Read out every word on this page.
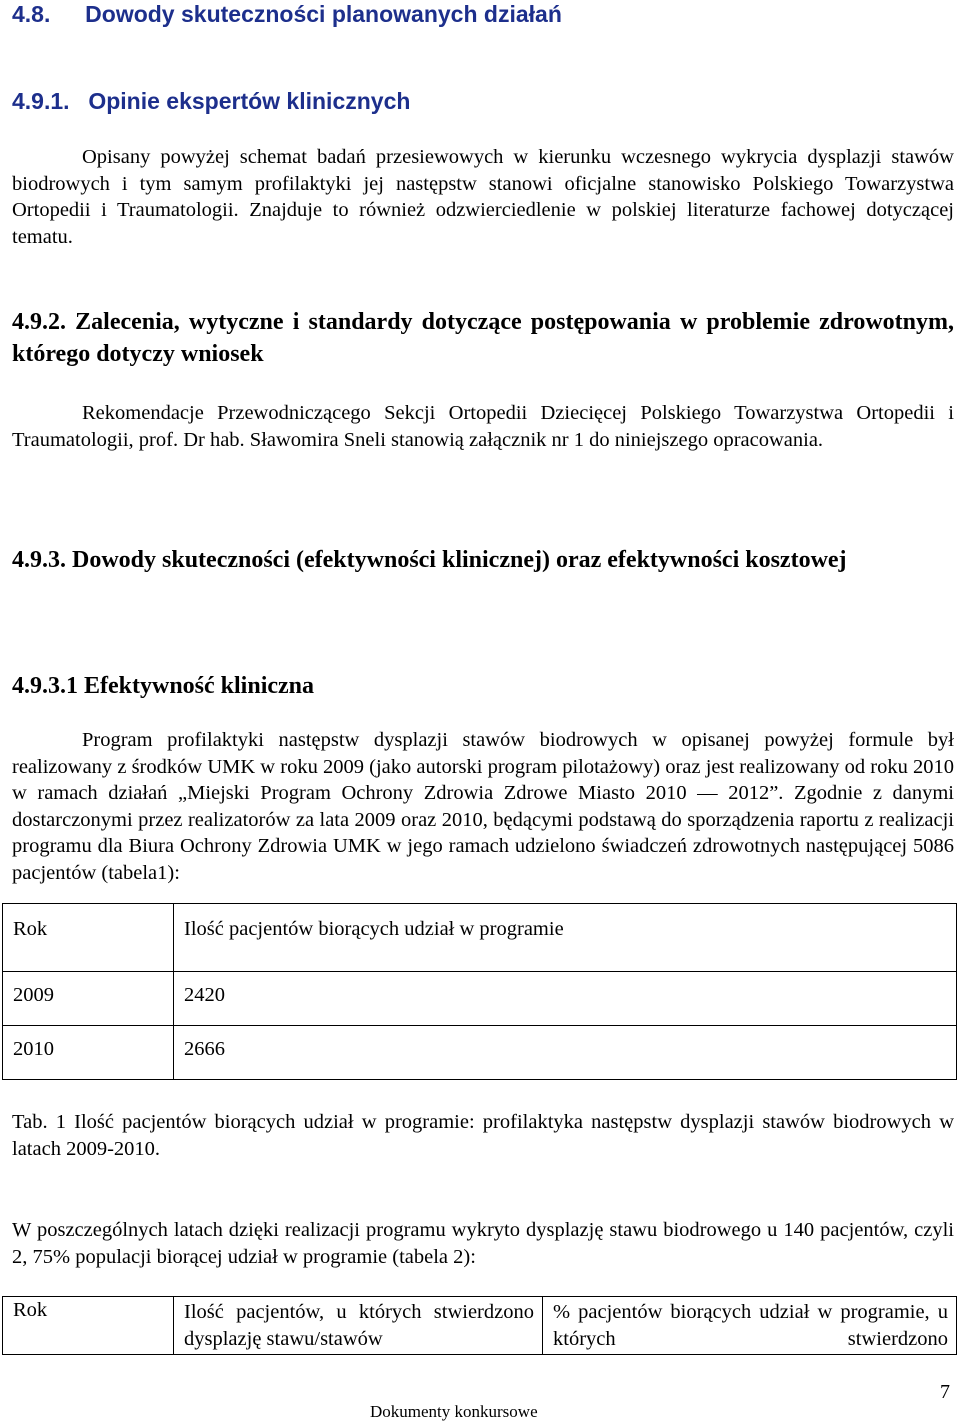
4.8. Dowody skuteczności planowanych działań
4.9.1. Opinie ekspertów klinicznych
Opisany powyżej schemat badań przesiewowych w kierunku wczesnego wykrycia dysplazji stawów biodrowych i tym samym profilaktyki jej następstw stanowi oficjalne stanowisko Polskiego Towarzystwa Ortopedii i Traumatologii. Znajduje to również odzwierciedlenie w polskiej literaturze fachowej dotyczącej tematu.
4.9.2. Zalecenia, wytyczne i standardy dotyczące postępowania w problemie zdrowotnym, którego dotyczy wniosek
Rekomendacje Przewodniczącego Sekcji Ortopedii Dziecięcej Polskiego Towarzystwa Ortopedii i Traumatologii, prof. Dr hab. Sławomira Sneli stanowią załącznik nr 1 do niniejszego opracowania.
4.9.3. Dowody skuteczności (efektywności klinicznej) oraz efektywności kosztowej
4.9.3.1 Efektywność kliniczna
Program profilaktyki następstw dysplazji stawów biodrowych w opisanej powyżej formule był realizowany z środków UMK w roku 2009 (jako autorski program pilotażowy) oraz jest realizowany od roku 2010 w ramach działań „Miejski Program Ochrony Zdrowia Zdrowe Miasto 2010 — 2012”. Zgodnie z danymi dostarczonymi przez realizatorów za lata 2009 oraz 2010, będącymi podstawą do sporządzenia raportu z realizacji programu dla Biura Ochrony Zdrowia UMK w jego ramach udzielono świadczeń zdrowotnych następującej 5086 pacjentów (tabela1):
Rok	Ilość pacjentów biorących udział w programie
2009	2420
2010	2666
Tab. 1 Ilość pacjentów biorących udział w programie: profilaktyka następstw dysplazji stawów biodrowych w latach 2009-2010.
W poszczególnych latach dzięki realizacji programu wykryto dysplazję stawu biodrowego u 140 pacjentów, czyli 2, 75% populacji biorącej udział w programie (tabela 2):
Rok	Ilość pacjentów, u których stwierdzono dysplazję stawu/stawów	% pacjentów biorących udział w programie, u których stwierdzono
Dokumenty konkursowe
7
